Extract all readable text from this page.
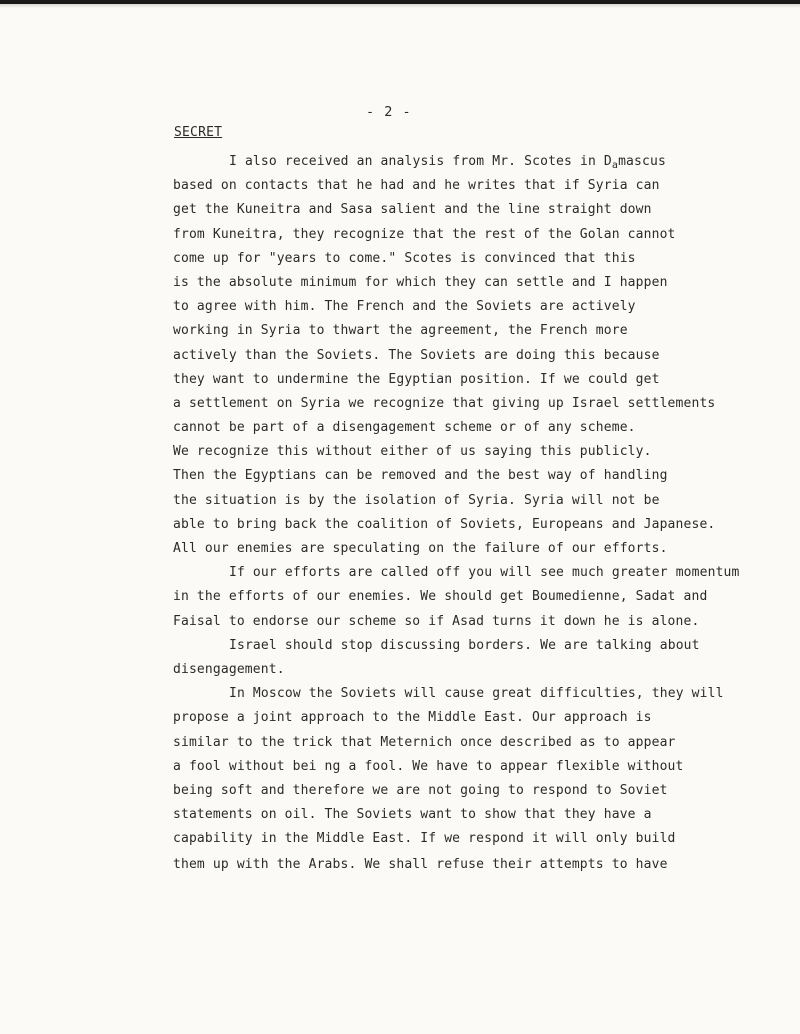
- 2 -
SECRET
I also received an analysis from Mr. Scotes in $D_amascus$
based on contacts that he had and he writes that if Syria can
get the Kuneitra and Sasa salient and the line straight down
from Kuneitra, they recognize that the rest of the Golan cannot
come up for "years to come." Scotes is convinced that this
is the absolute minimum for which they can settle and I happen
to agree with him. The French and the Soviets are actively
working in Syria to thwart the agreement, the French more
actively than the Soviets. The Soviets are doing this because
they want to undermine the Egyptian position. If we could get
a settlement on Syria we recognize that giving up Israel settlements
cannot be part of a disengagement scheme or of any scheme.
We recognize this without either of us saying this publicly.
Then the Egyptians can be removed and the best way of handling
the situation is by the isolation of Syria. Syria will not be
able to bring back the coalition of Soviets, Europeans and Japanese.
All our enemies are speculating on the failure of our efforts.
If our efforts are called off you will see much greater momentum
in the efforts of our enemies. We should get Boumedienne, Sadat and
Faisal to endorse our scheme so if Asad turns it down he is alone.
Israel should stop discussing borders. We are talking about
disengagement.
In Moscow the Soviets will cause great difficulties, they will
propose a joint approach to the Middle East. Our approach is
similar to the trick that Meternich once described as to appear
a fool without bei ng a fool. We have to appear flexible without
being soft and therefore we are not going to respond to Soviet
statements on oil. The Soviets want to show that they have a
capability in the Middle East. If we respond it will only build
them up with the Arabs. We shall refuse their attempts to have
